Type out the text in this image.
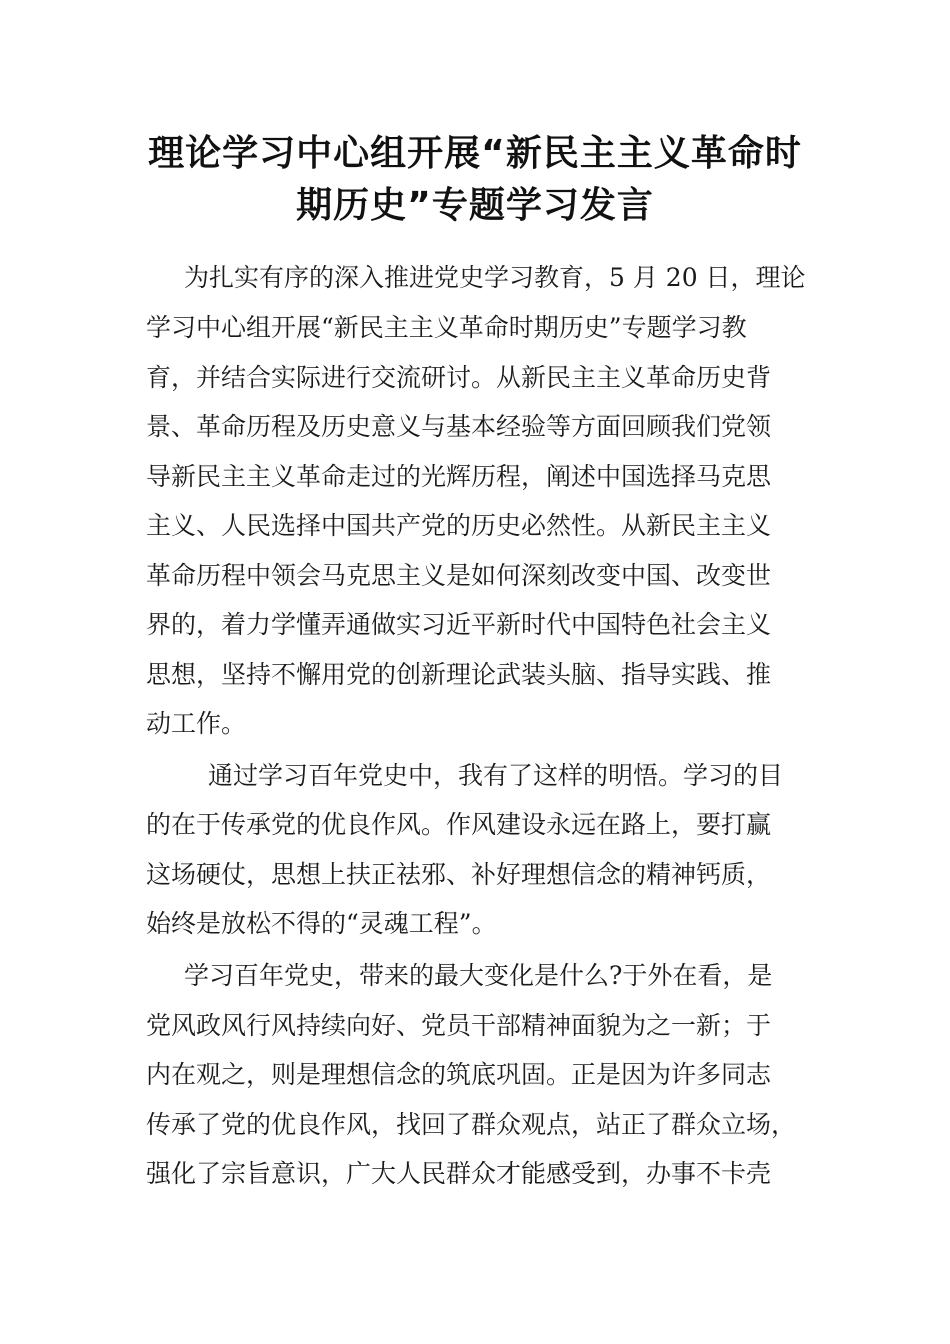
理论学习中心组开展“新民主主义革命时
期历史”专题学习发言
为扎实有序的深入推进党史学习教育，5 月 20 日，理论
学习中心组开展“新民主主义革命时期历史”专题学习教
育，并结合实际进行交流研讨。从新民主主义革命历史背
景、革命历程及历史意义与基本经验等方面回顾我们党领
导新民主主义革命走过的光辉历程，阐述中国选择马克思
主义、人民选择中国共产党的历史必然性。从新民主主义
革命历程中领会马克思主义是如何深刻改变中国、改变世
界的，着力学懂弄通做实习近平新时代中国特色社会主义
思想，坚持不懈用党的创新理论武装头脑、指导实践、推
动工作。
通过学习百年党史中，我有了这样的明悟。学习的目
的在于传承党的优良作风。作风建设永远在路上，要打赢
这场硬仗，思想上扶正祛邪、补好理想信念的精神钙质，
始终是放松不得的“灵魂工程”。
学习百年党史，带来的最大变化是什么?于外在看，是
党风政风行风持续向好、党员干部精神面貌为之一新；于
内在观之，则是理想信念的筑底巩固。正是因为许多同志
传承了党的优良作风，找回了群众观点，站正了群众立场，
强化了宗旨意识，广大人民群众才能感受到，办事不卡壳
